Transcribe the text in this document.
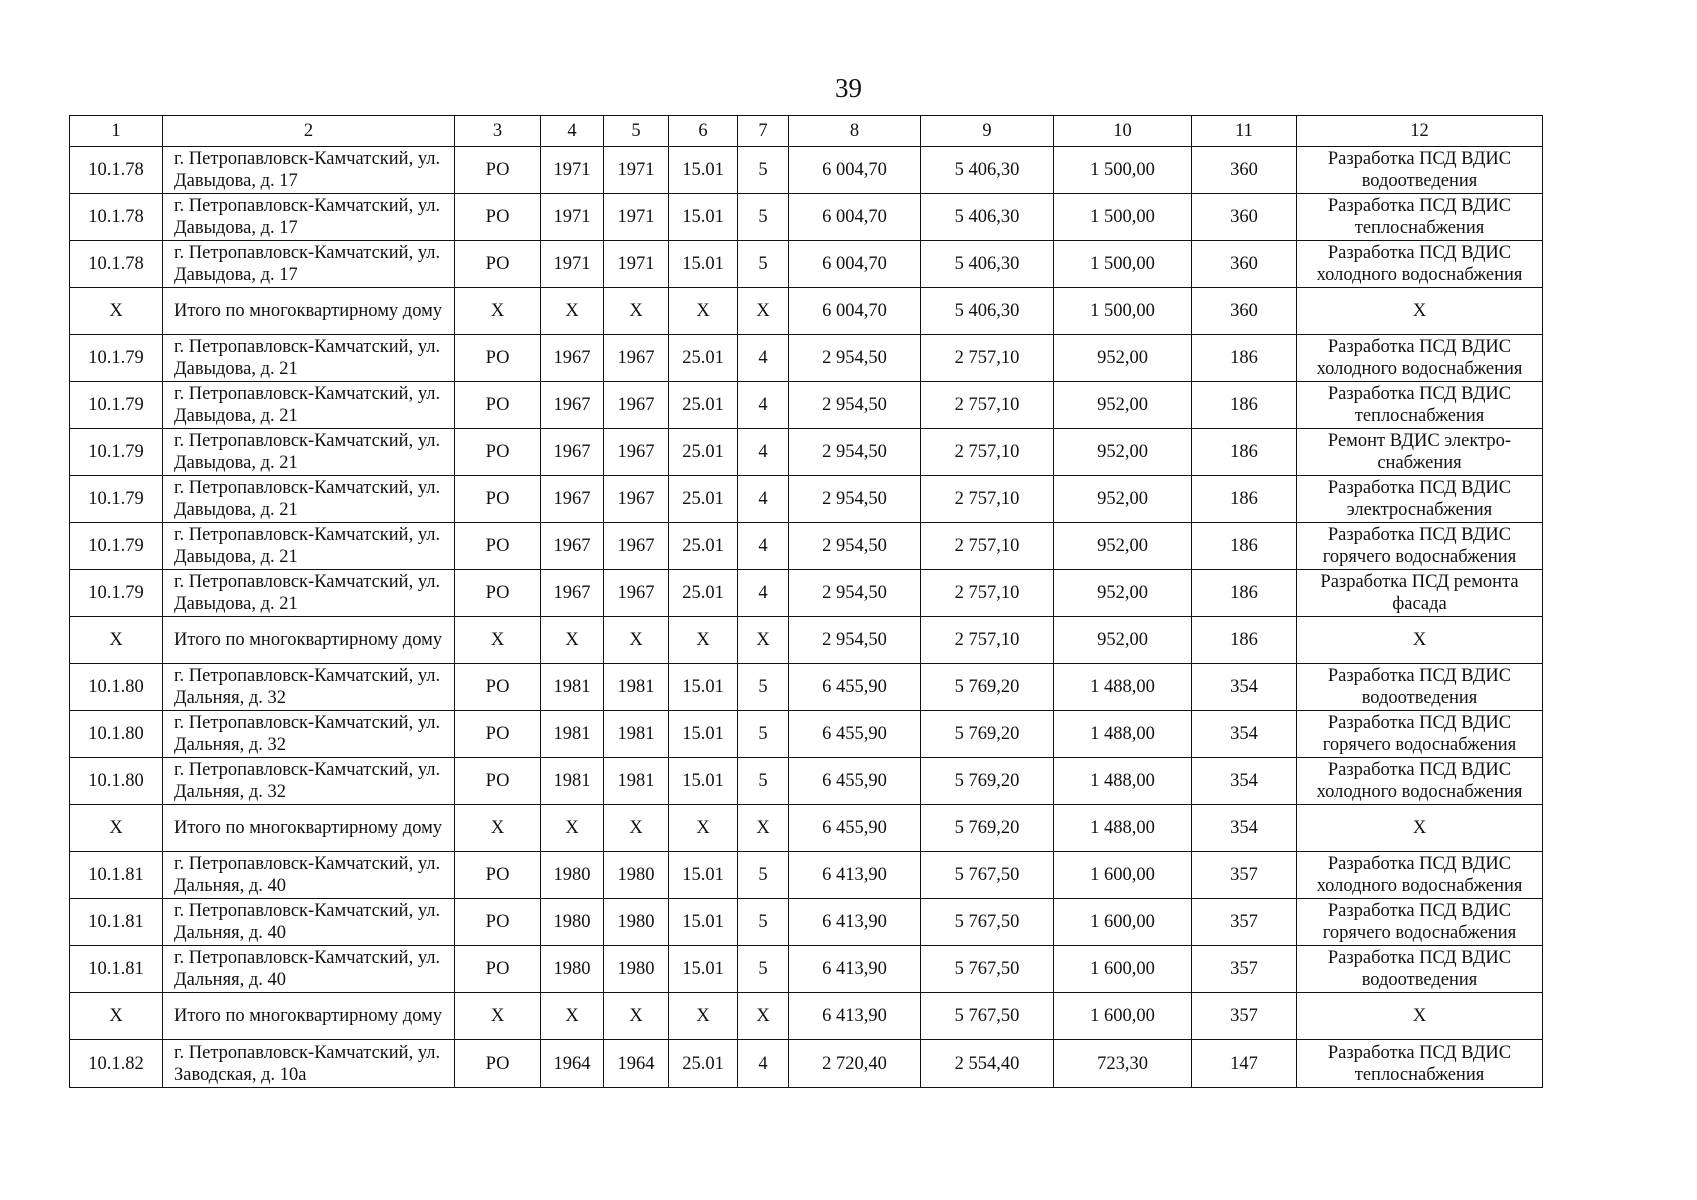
39
1	2	3	4	5	6	7	8	9	10	11	12
10.1.78	г. Петропавловск-Камчатский, ул. Давыдова, д. 17	РО	1971	1971	15.01	5	6 004,70	5 406,30	1 500,00	360	Разработка ПСД ВДИС водоотведения
10.1.78	г. Петропавловск-Камчатский, ул. Давыдова, д. 17	РО	1971	1971	15.01	5	6 004,70	5 406,30	1 500,00	360	Разработка ПСД ВДИС теплоснабжения
10.1.78	г. Петропавловск-Камчатский, ул. Давыдова, д. 17	РО	1971	1971	15.01	5	6 004,70	5 406,30	1 500,00	360	Разработка ПСД ВДИС холодного водоснабжения
X	Итого по многоквартирному дому	X	X	X	X	X	6 004,70	5 406,30	1 500,00	360	X
10.1.79	г. Петропавловск-Камчатский, ул. Давыдова, д. 21	РО	1967	1967	25.01	4	2 954,50	2 757,10	952,00	186	Разработка ПСД ВДИС холодного водоснабжения
10.1.79	г. Петропавловск-Камчатский, ул. Давыдова, д. 21	РО	1967	1967	25.01	4	2 954,50	2 757,10	952,00	186	Разработка ПСД ВДИС теплоснабжения
10.1.79	г. Петропавловск-Камчатский, ул. Давыдова, д. 21	РО	1967	1967	25.01	4	2 954,50	2 757,10	952,00	186	Ремонт ВДИС электро-снабжения
10.1.79	г. Петропавловск-Камчатский, ул. Давыдова, д. 21	РО	1967	1967	25.01	4	2 954,50	2 757,10	952,00	186	Разработка ПСД ВДИС электроснабжения
10.1.79	г. Петропавловск-Камчатский, ул. Давыдова, д. 21	РО	1967	1967	25.01	4	2 954,50	2 757,10	952,00	186	Разработка ПСД ВДИС горячего водоснабжения
10.1.79	г. Петропавловск-Камчатский, ул. Давыдова, д. 21	РО	1967	1967	25.01	4	2 954,50	2 757,10	952,00	186	Разработка ПСД ремонта фасада
X	Итого по многоквартирному дому	X	X	X	X	X	2 954,50	2 757,10	952,00	186	X
10.1.80	г. Петропавловск-Камчатский, ул. Дальняя, д. 32	РО	1981	1981	15.01	5	6 455,90	5 769,20	1 488,00	354	Разработка ПСД ВДИС водоотведения
10.1.80	г. Петропавловск-Камчатский, ул. Дальняя, д. 32	РО	1981	1981	15.01	5	6 455,90	5 769,20	1 488,00	354	Разработка ПСД ВДИС горячего водоснабжения
10.1.80	г. Петропавловск-Камчатский, ул. Дальняя, д. 32	РО	1981	1981	15.01	5	6 455,90	5 769,20	1 488,00	354	Разработка ПСД ВДИС холодного водоснабжения
X	Итого по многоквартирному дому	X	X	X	X	X	6 455,90	5 769,20	1 488,00	354	X
10.1.81	г. Петропавловск-Камчатский, ул. Дальняя, д. 40	РО	1980	1980	15.01	5	6 413,90	5 767,50	1 600,00	357	Разработка ПСД ВДИС холодного водоснабжения
10.1.81	г. Петропавловск-Камчатский, ул. Дальняя, д. 40	РО	1980	1980	15.01	5	6 413,90	5 767,50	1 600,00	357	Разработка ПСД ВДИС горячего водоснабжения
10.1.81	г. Петропавловск-Камчатский, ул. Дальняя, д. 40	РО	1980	1980	15.01	5	6 413,90	5 767,50	1 600,00	357	Разработка ПСД ВДИС водоотведения
X	Итого по многоквартирному дому	X	X	X	X	X	6 413,90	5 767,50	1 600,00	357	X
10.1.82	г. Петропавловск-Камчатский, ул. Заводская, д. 10а	РО	1964	1964	25.01	4	2 720,40	2 554,40	723,30	147	Разработка ПСД ВДИС теплоснабжения
